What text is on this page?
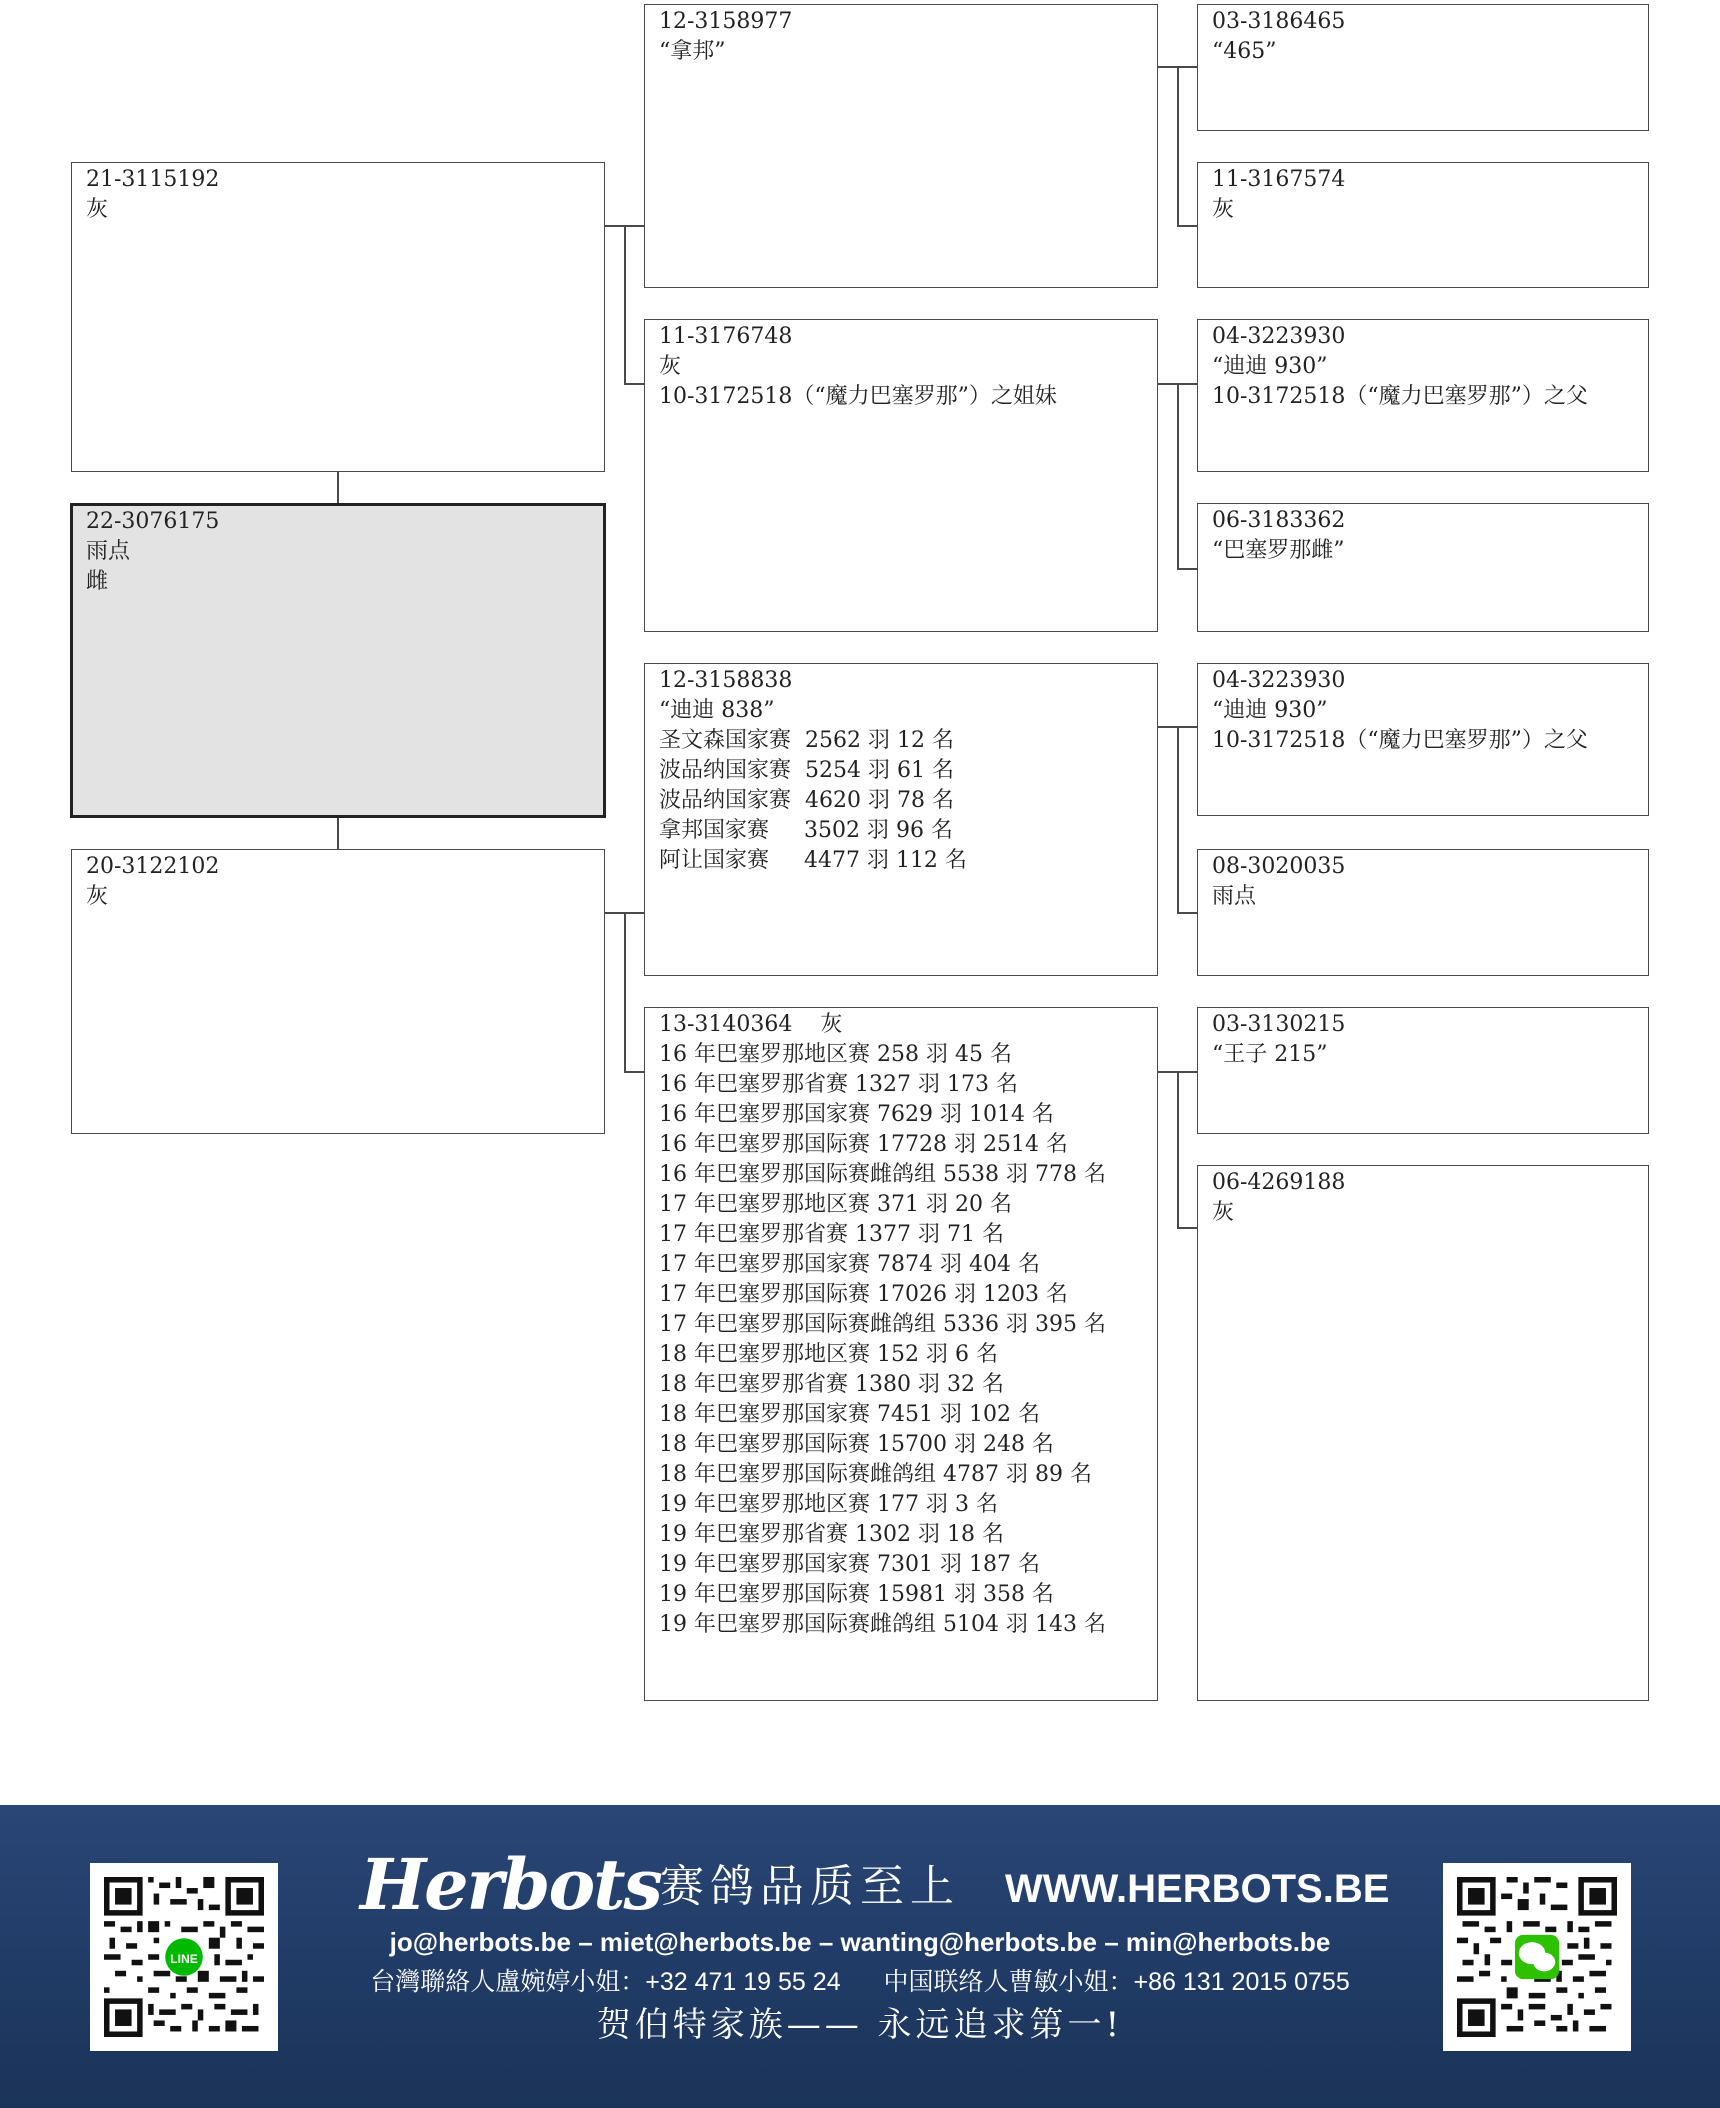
21-3115192
灰
22-3076175
雨点
雌
20-3122102
灰
12-3158977
“拿邦”
11-3176748
灰
10-3172518（“魔力巴塞罗那”）之姐妹
12-3158838
“迪迪 838”
圣文森国家赛  2562 羽 12 名
波品纳国家赛  5254 羽 61 名
波品纳国家赛  4620 羽 78 名
拿邦国家赛     3502 羽 96 名
阿让国家赛     4477 羽 112 名
13-3140364    灰
16 年巴塞罗那地区赛 258 羽 45 名
16 年巴塞罗那省赛 1327 羽 173 名
16 年巴塞罗那国家赛 7629 羽 1014 名
16 年巴塞罗那国际赛 17728 羽 2514 名
16 年巴塞罗那国际赛雌鸽组 5538 羽 778 名
17 年巴塞罗那地区赛 371 羽 20 名
17 年巴塞罗那省赛 1377 羽 71 名
17 年巴塞罗那国家赛 7874 羽 404 名
17 年巴塞罗那国际赛 17026 羽 1203 名
17 年巴塞罗那国际赛雌鸽组 5336 羽 395 名
18 年巴塞罗那地区赛 152 羽 6 名
18 年巴塞罗那省赛 1380 羽 32 名
18 年巴塞罗那国家赛 7451 羽 102 名
18 年巴塞罗那国际赛 15700 羽 248 名
18 年巴塞罗那国际赛雌鸽组 4787 羽 89 名
19 年巴塞罗那地区赛 177 羽 3 名
19 年巴塞罗那省赛 1302 羽 18 名
19 年巴塞罗那国家赛 7301 羽 187 名
19 年巴塞罗那国际赛 15981 羽 358 名
19 年巴塞罗那国际赛雌鸽组 5104 羽 143 名
03-3186465
“465”
11-3167574
灰
04-3223930
“迪迪 930”
10-3172518（“魔力巴塞罗那”）之父
06-3183362
“巴塞罗那雌”
04-3223930
“迪迪 930”
10-3172518（“魔力巴塞罗那”）之父
08-3020035
雨点
03-3130215
“王子 215”
06-4269188
灰
LINE
Herbots 赛鸽品质至上 WWW.HERBOTS.BE
jo@herbots.be – miet@herbots.be – wanting@herbots.be – min@herbots.be
台灣聯絡人盧婉婷小姐：+32 471 19 55 24 中国联络人曹敏小姐：+86 131 2015 0755
贺伯特家族—— 永远追求第一!
